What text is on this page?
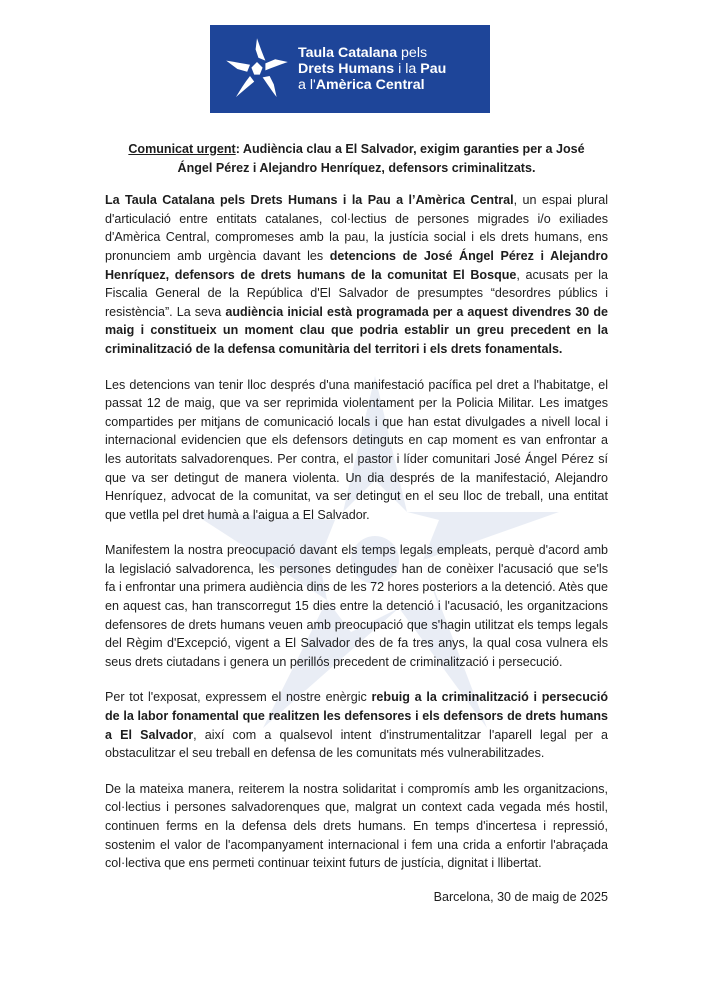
Taula Catalana pels
Drets Humans i la Pau
a l'Amèrica Central
Comunicat urgent: Audiència clau a El Salvador, exigim garanties per a José Ángel Pérez i Alejandro Henríquez, defensors criminalitzats.

La Taula Catalana pels Drets Humans i la Pau a l’Amèrica Central, un espai plural d'articulació entre entitats catalanes, col·lectius de persones migrades i/o exiliades d'Amèrica Central, compromeses amb la pau, la justícia social i els drets humans, ens pronunciem amb urgència davant les detencions de José Ángel Pérez i Alejandro Henríquez, defensors de drets humans de la comunitat El Bosque, acusats per la Fiscalia General de la República d'El Salvador de presumptes “desordres públics i resistència”. La seva audiència inicial està programada per a aquest divendres 30 de maig i constitueix un moment clau que podria establir un greu precedent en la criminalització de la defensa comunitària del territori i els drets fonamentals.

Les detencions van tenir lloc després d'una manifestació pacífica pel dret a l'habitatge, el passat 12 de maig, que va ser reprimida violentament per la Policia Militar. Les imatges compartides per mitjans de comunicació locals i que han estat divulgades a nivell local i internacional evidencien que els defensors detinguts en cap moment es van enfrontar a les autoritats salvadorenques. Per contra, el pastor i líder comunitari José Ángel Pérez sí que va ser detingut de manera violenta. Un dia després de la manifestació, Alejandro Henríquez, advocat de la comunitat, va ser detingut en el seu lloc de treball, una entitat que vetlla pel dret humà a l'aigua a El Salvador.

Manifestem la nostra preocupació davant els temps legals empleats, perquè d'acord amb la legislació salvadorenca, les persones detingudes han de conèixer l'acusació que se'ls fa i enfrontar una primera audiència dins de les 72 hores posteriors a la detenció. Atès que en aquest cas, han transcorregut 15 dies entre la detenció i l'acusació, les organitzacions defensores de drets humans veuen amb preocupació que s'hagin utilitzat els temps legals del Règim d'Excepció, vigent a El Salvador des de fa tres anys, la qual cosa vulnera els seus drets ciutadans i genera un perillós precedent de criminalització i persecució.

Per tot l'exposat, expressem el nostre enèrgic rebuig a la criminalització i persecució de la labor fonamental que realitzen les defensores i els defensors de drets humans a El Salvador, així com a qualsevol intent d'instrumentalitzar l'aparell legal per a obstaculitzar el seu treball en defensa de les comunitats més vulnerabilitzades.

De la mateixa manera, reiterem la nostra solidaritat i compromís amb les organitzacions, col·lectius i persones salvadorenques que, malgrat un context cada vegada més hostil, continuen ferms en la defensa dels drets humans. En temps d'incertesa i repressió, sostenim el valor de l'acompanyament internacional i fem una crida a enfortir l'abraçada col·lectiva que ens permeti continuar teixint futurs de justícia, dignitat i llibertat.

Barcelona, 30 de maig de 2025
